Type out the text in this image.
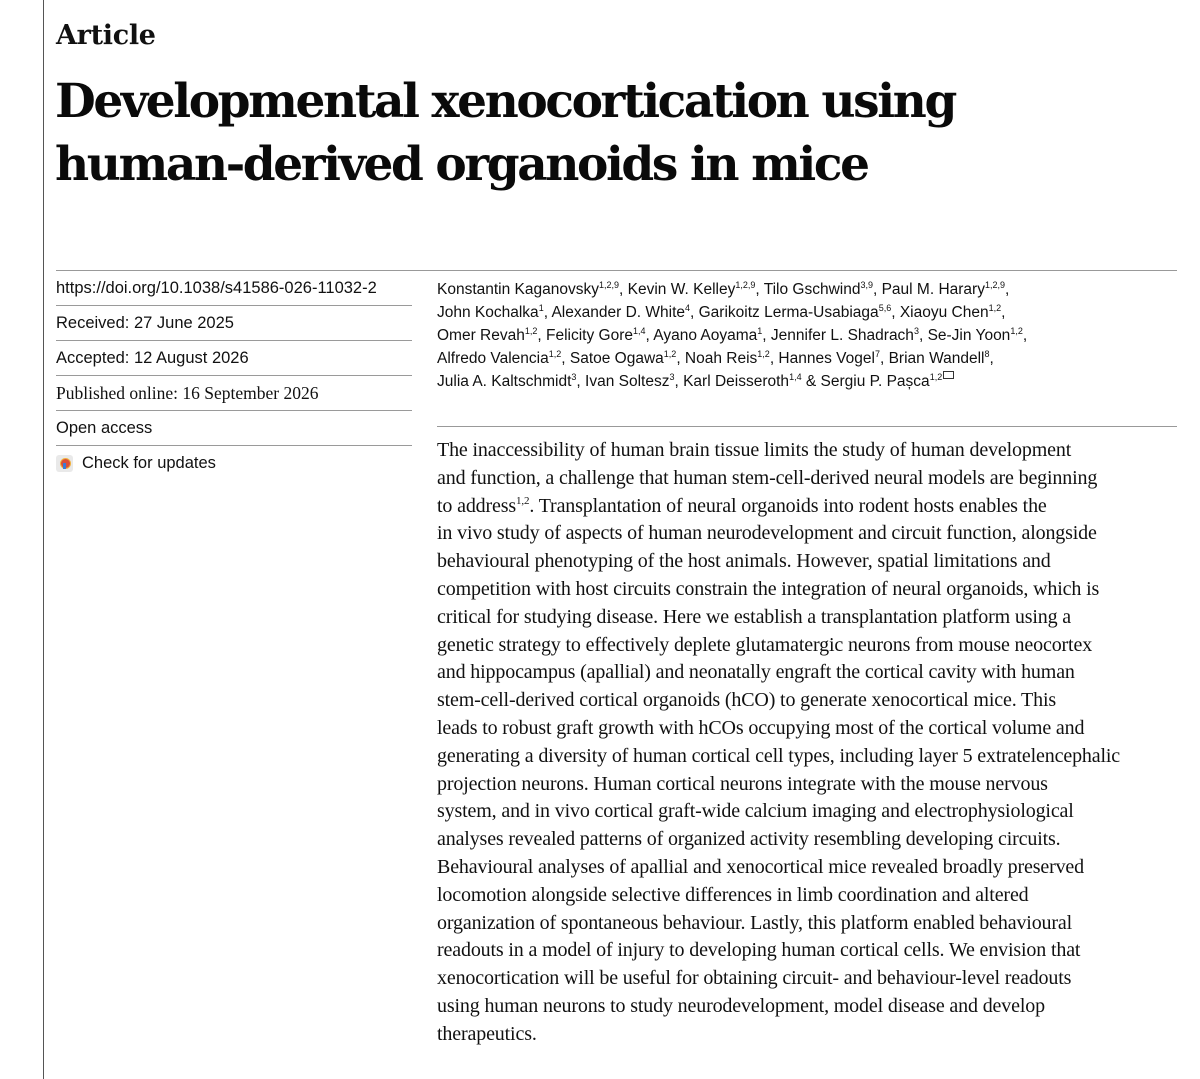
Article
Developmental xenocortication using
human-derived organoids in mice
https://doi.org/10.1038/s41586-026-11032-2
Received: 27 June 2025
Accepted: 12 August 2026
Published online: 16 September 2026
Open access
Check for updates
Konstantin Kaganovsky$^{1,2,9}$, Kevin W. Kelley$^{1,2,9}$, Tilo Gschwind$^{3,9}$, Paul M. Harary$^{1,2,9}$,
John Kochalka$^1$, Alexander D. White$^4$, Garikoitz Lerma-Usabiaga$^{5,6}$, Xiaoyu Chen$^{1,2}$,
Omer Revah$^{1,2}$, Felicity Gore$^{1,4}$, Ayano Aoyama$^1$, Jennifer L. Shadrach$^3$, Se-Jin Yoon$^{1,2}$,
Alfredo Valencia$^{1,2}$, Satoe Ogawa$^{1,2}$, Noah Reis$^{1,2}$, Hannes Vogel$^7$, Brian Wandell$^8$,
Julia A. Kaltschmidt$^3$, Ivan Soltesz$^3$, Karl Deisseroth$^{1,4}$ & Sergiu P. Pașca$^{1,2}$
The inaccessibility of human brain tissue limits the study of human development
and function, a challenge that human stem-cell-derived neural models are beginning
to address$^{1,2}$. Transplantation of neural organoids into rodent hosts enables the
in vivo study of aspects of human neurodevelopment and circuit function, alongside
behavioural phenotyping of the host animals. However, spatial limitations and
competition with host circuits constrain the integration of neural organoids, which is
critical for studying disease. Here we establish a transplantation platform using a
genetic strategy to effectively deplete glutamatergic neurons from mouse neocortex
and hippocampus (apallial) and neonatally engraft the cortical cavity with human
stem-cell-derived cortical organoids (hCO) to generate xenocortical mice. This
leads to robust graft growth with hCOs occupying most of the cortical volume and
generating a diversity of human cortical cell types, including layer 5 extratelencephalic
projection neurons. Human cortical neurons integrate with the mouse nervous
system, and in vivo cortical graft-wide calcium imaging and electrophysiological
analyses revealed patterns of organized activity resembling developing circuits.
Behavioural analyses of apallial and xenocortical mice revealed broadly preserved
locomotion alongside selective differences in limb coordination and altered
organization of spontaneous behaviour. Lastly, this platform enabled behavioural
readouts in a model of injury to developing human cortical cells. We envision that
xenocortication will be useful for obtaining circuit- and behaviour-level readouts
using human neurons to study neurodevelopment, model disease and develop
therapeutics.
